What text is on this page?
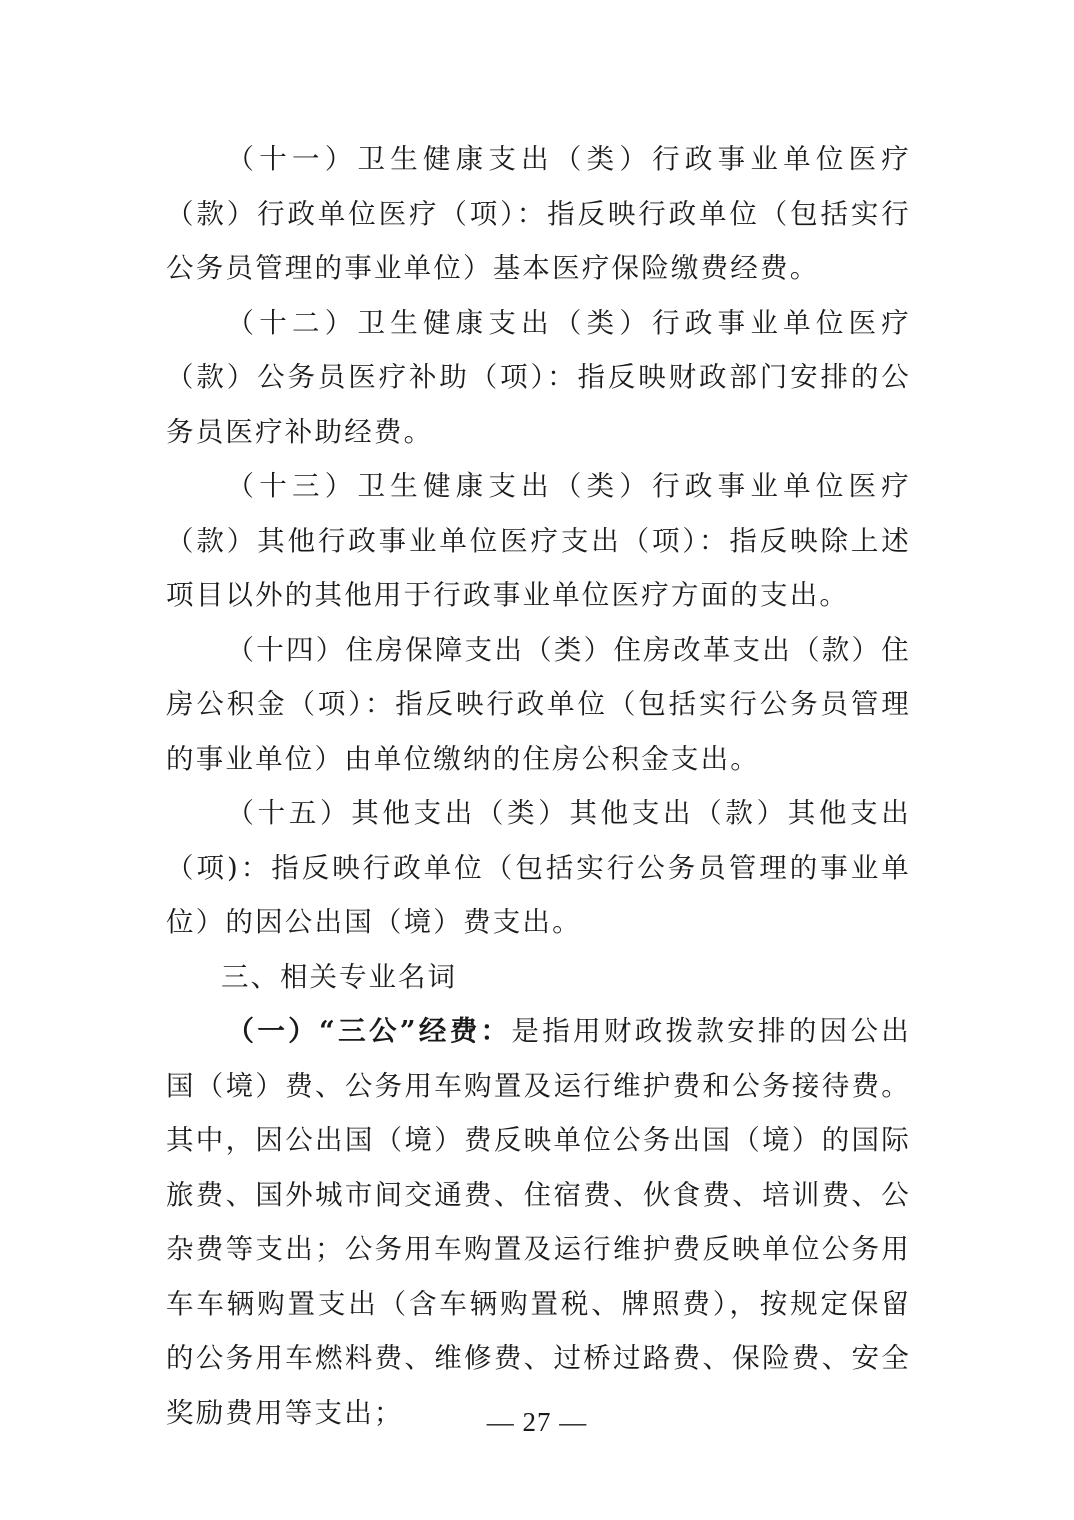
（十一）卫生健康支出（类）行政事业单位医疗（款）行政单位医疗（项）：指反映行政单位（包括实行公务员管理的事业单位）基本医疗保险缴费经费。

（十二）卫生健康支出（类）行政事业单位医疗（款）公务员医疗补助（项）：指反映财政部门安排的公务员医疗补助经费。

（十三）卫生健康支出（类）行政事业单位医疗（款）其他行政事业单位医疗支出（项）：指反映除上述项目以外的其他用于行政事业单位医疗方面的支出。

（十四）住房保障支出（类）住房改革支出（款）住房公积金（项）：指反映行政单位（包括实行公务员管理的事业单位）由单位缴纳的住房公积金支出。

（十五）其他支出（类）其他支出（款）其他支出（项)：指反映行政单位（包括实行公务员管理的事业单位）的因公出国（境）费支出。

三、相关专业名词

（一）“三公”经费：是指用财政拨款安排的因公出国（境）费、公务用车购置及运行维护费和公务接待费。其中，因公出国（境）费反映单位公务出国（境）的国际旅费、国外城市间交通费、住宿费、伙食费、培训费、公杂费等支出；公务用车购置及运行维护费反映单位公务用车车辆购置支出（含车辆购置税、牌照费），按规定保留的公务用车燃料费、维修费、过桥过路费、保险费、安全奖励费用等支出；	— 27 —
